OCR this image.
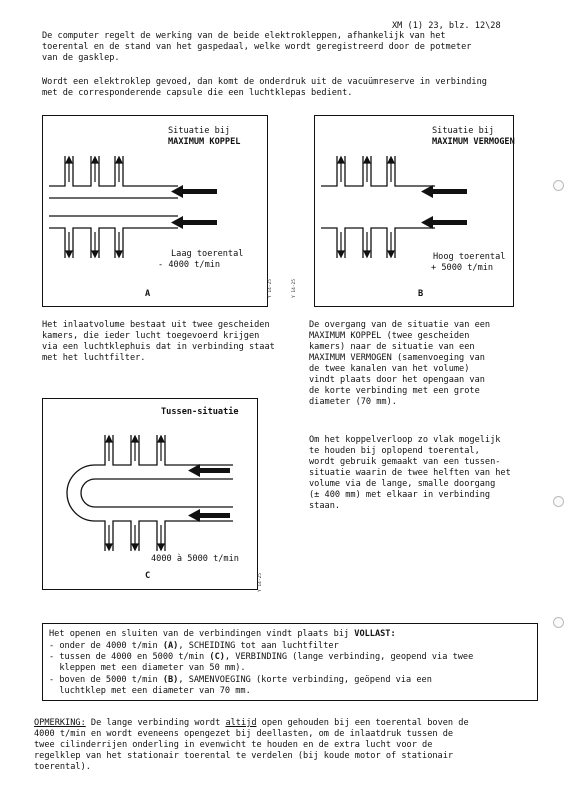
XM (1) 23, blz. 12\28
De computer regelt de werking van de beide elektrokleppen, afhankelijk van het
toerental en de stand van het gaspedaal, welke wordt geregistreerd door de potmeter
van de gasklep.
Wordt een elektroklep gevoed, dan komt de onderdruk uit de vacuümreserve in verbinding
met de corresponderende capsule die een luchtklepas bedient.
Situatie bij
MAXIMUM KOPPEL
Laag toerental
- 4000 t/min
A	Y 14-25
Situatie bij
MAXIMUM VERMOGEN
Hoog toerental
+ 5000 t/min
B
Y 14-25
Het inlaatvolume bestaat uit twee gescheiden
kamers, die ieder lucht toegevoerd krijgen
via een luchtklephuis dat in verbinding staat
met het luchtfilter.
De overgang van de situatie van een
MAXIMUM KOPPEL (twee gescheiden
kamers) naar de situatie van een
MAXIMUM VERMOGEN (samenvoeging van
de twee kanalen van het volume)
vindt plaats door het opengaan van
de korte verbinding met een grote
diameter (70 mm).
Tussen-situatie
4000 à 5000 t/min
C	Y 14-25
Om het koppelverloop zo vlak mogelijk
te houden bij oplopend toerental,
wordt gebruik gemaakt van een tussen-
situatie waarin de twee helften van het
volume via de lange, smalle doorgang
(± 400 mm) met elkaar in verbinding
staan.
Het openen en sluiten van de verbindingen vindt plaats bij VOLLAST:
- onder de 4000 t/min (A), SCHEIDING tot aan luchtfilter
- tussen de 4000 en 5000 t/min (C), VERBINDING (lange verbinding, geopend via twee
kleppen met een diameter van 50 mm).
- boven de 5000 t/min (B), SAMENVOEGING (korte verbinding, geöpend via een
luchtklep met een diameter van 70 mm.
OPMERKING: De lange verbinding wordt altijd open gehouden bij een toerental boven de
4000 t/min en wordt eveneens opengezet bij deellasten, om de inlaatdruk tussen de
twee cilinderrijen onderling in evenwicht te houden en de extra lucht voor de
regelklep van het stationair toerental te verdelen (bij koude motor of stationair
toerental).
